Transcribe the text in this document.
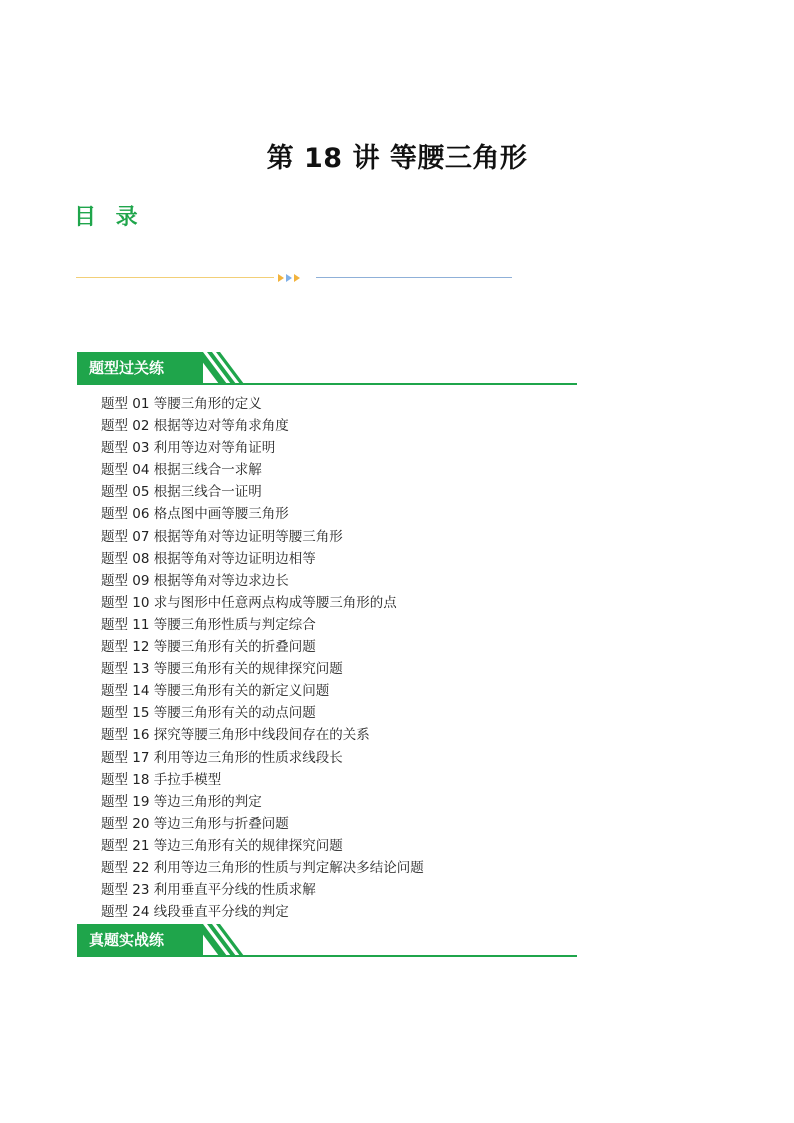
第 18 讲 等腰三角形
目 录
题型过关练
题型 01 等腰三角形的定义
题型 02 根据等边对等角求角度
题型 03 利用等边对等角证明
题型 04 根据三线合一求解
题型 05 根据三线合一证明
题型 06 格点图中画等腰三角形
题型 07 根据等角对等边证明等腰三角形
题型 08 根据等角对等边证明边相等
题型 09 根据等角对等边求边长
题型 10 求与图形中任意两点构成等腰三角形的点
题型 11 等腰三角形性质与判定综合
题型 12 等腰三角形有关的折叠问题
题型 13 等腰三角形有关的规律探究问题
题型 14 等腰三角形有关的新定义问题
题型 15 等腰三角形有关的动点问题
题型 16 探究等腰三角形中线段间存在的关系
题型 17 利用等边三角形的性质求线段长
题型 18 手拉手模型
题型 19 等边三角形的判定
题型 20 等边三角形与折叠问题
题型 21 等边三角形有关的规律探究问题
题型 22 利用等边三角形的性质与判定解决多结论问题
题型 23 利用垂直平分线的性质求解
题型 24 线段垂直平分线的判定
真题实战练
